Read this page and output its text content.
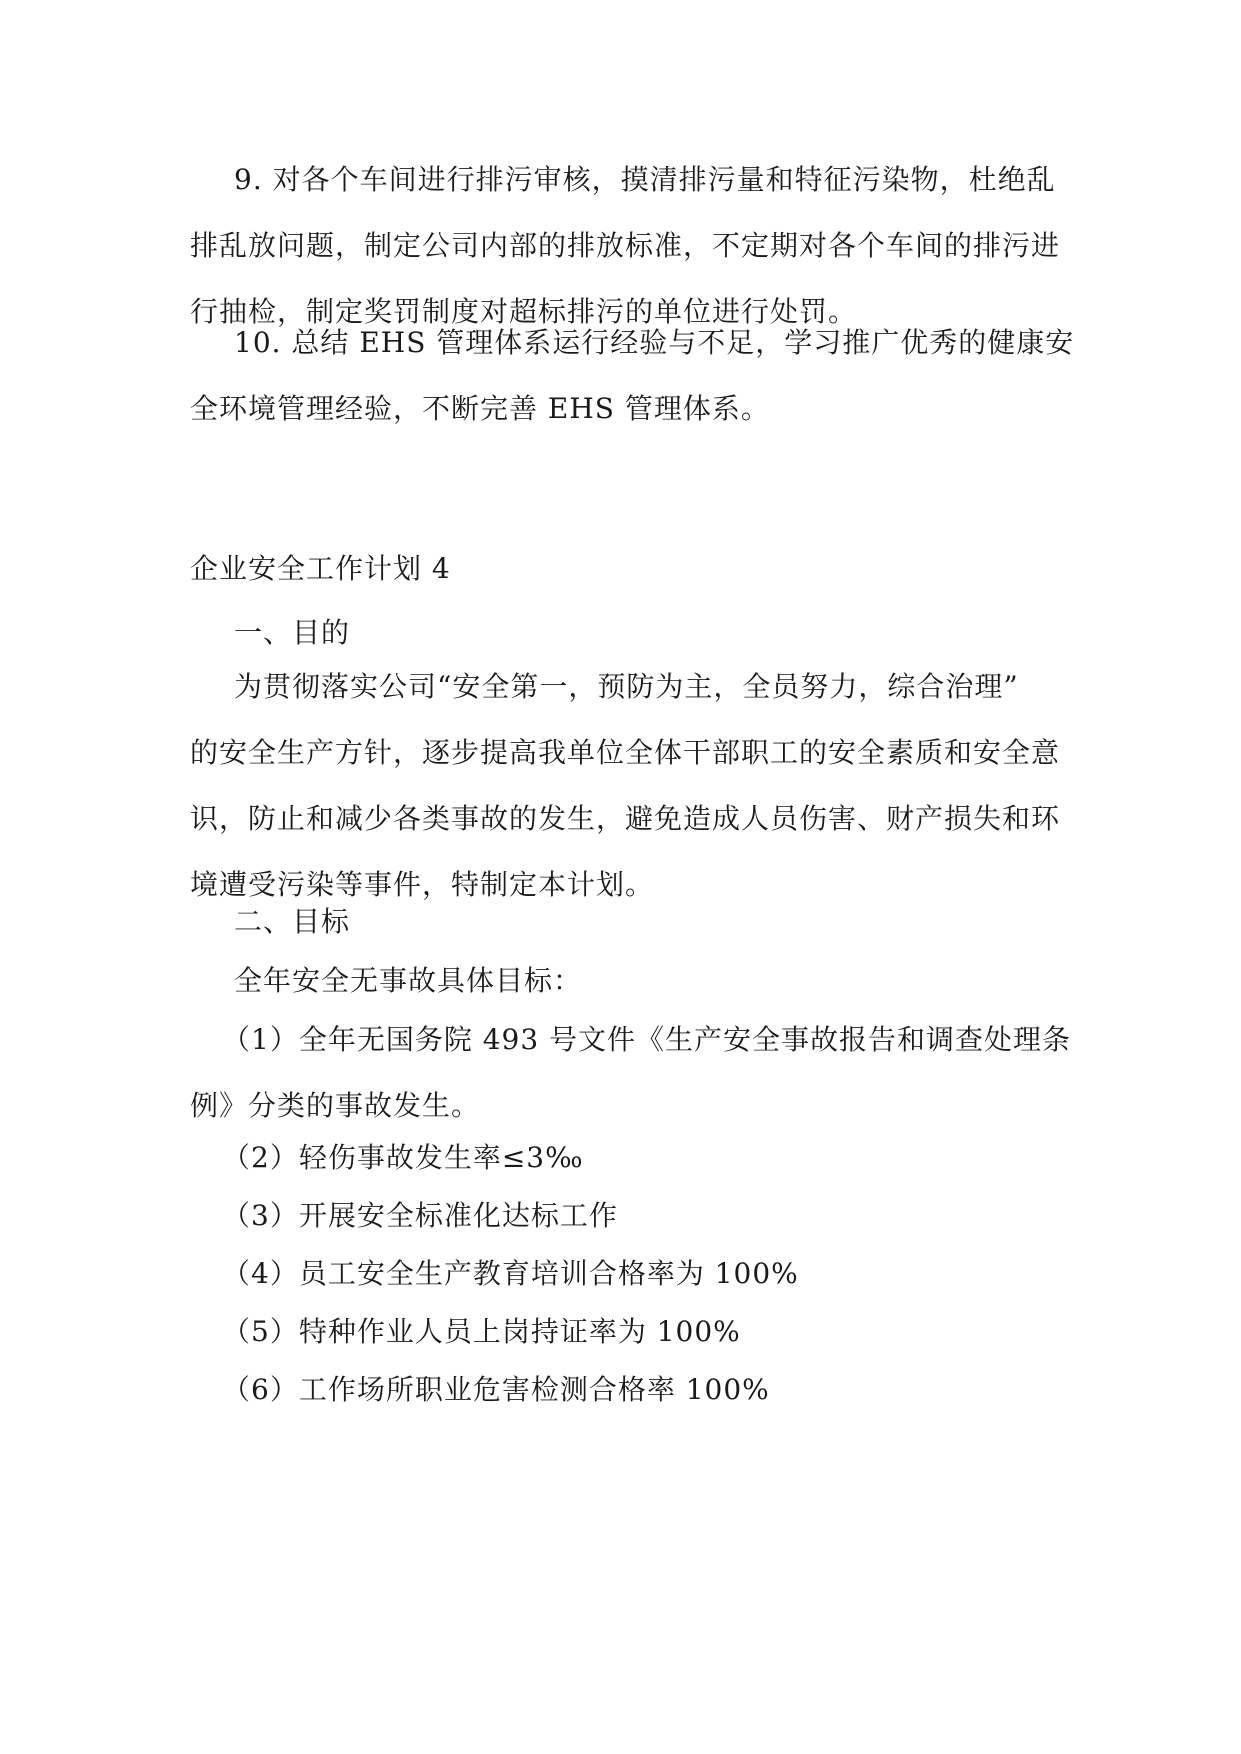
9. 对各个车间进行排污审核，摸清排污量和特征污染物，杜绝乱
排乱放问题，制定公司内部的排放标准，不定期对各个车间的排污进
行抽检，制定奖罚制度对超标排污的单位进行处罚。
10. 总结 EHS 管理体系运行经验与不足，学习推广优秀的健康安
全环境管理经验，不断完善 EHS 管理体系。
企业安全工作计划 4
一、目的
为贯彻落实公司“安全第一，预防为主，全员努力，综合治理”
的安全生产方针，逐步提高我单位全体干部职工的安全素质和安全意
识，防止和减少各类事故的发生，避免造成人员伤害、财产损失和环
境遭受污染等事件，特制定本计划。
二、目标
全年安全无事故具体目标：
（1）全年无国务院 493 号文件《生产安全事故报告和调查处理条
例》分类的事故发生。
（2）轻伤事故发生率≤3‰
（3）开展安全标准化达标工作
（4）员工安全生产教育培训合格率为 100%
（5）特种作业人员上岗持证率为 100%
（6）工作场所职业危害检测合格率 100%
